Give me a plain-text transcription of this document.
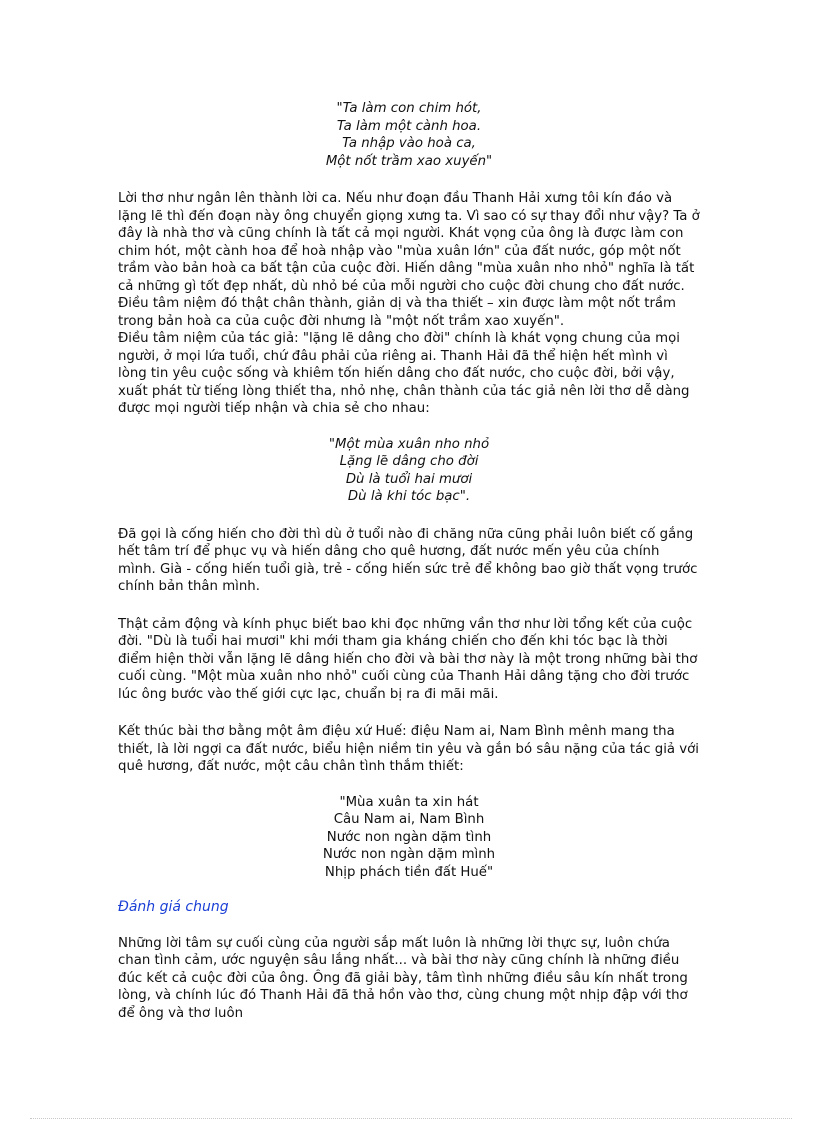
"Ta làm con chim hót,
Ta làm một cành hoa.
Ta nhập vào hoà ca,
Một nốt trầm xao xuyến"

Lời thơ như ngân lên thành lời ca. Nếu như đoạn đầu Thanh Hải xưng tôi kín đáo và lặng lẽ thì đến đoạn này ông chuyển giọng xưng ta. Vì sao có sự thay đổi như vậy? Ta ở đây là nhà thơ và cũng chính là tất cả mọi người. Khát vọng của ông là được làm con chim hót, một cành hoa để hoà nhập vào "mùa xuân lớn" của đất nước, góp một nốt trầm vào bản hoà ca bất tận của cuộc đời. Hiến dâng "mùa xuân nho nhỏ" nghĩa là tất cả những gì tốt đẹp nhất, dù nhỏ bé của mỗi người cho cuộc đời chung cho đất nước. Điều tâm niệm đó thật chân thành, giản dị và tha thiết – xin được làm một nốt trầm trong bản hoà ca của cuộc đời nhưng là "một nốt trầm xao xuyến".

Điều tâm niệm của tác giả: "lặng lẽ dâng cho đời" chính là khát vọng chung của mọi người, ở mọi lứa tuổi, chứ đâu phải của riêng ai. Thanh Hải đã thể hiện hết mình vì lòng tin yêu cuộc sống và khiêm tốn hiến dâng cho đất nước, cho cuộc đời, bởi vậy, xuất phát từ tiếng lòng thiết tha, nhỏ nhẹ, chân thành của tác giả nên lời thơ dễ dàng được mọi người tiếp nhận và chia sẻ cho nhau:

"Một mùa xuân nho nhỏ
Lặng lẽ dâng cho đời
Dù là tuổi hai mươi
Dù là khi tóc bạc".

Đã gọi là cống hiến cho đời thì dù ở tuổi nào đi chăng nữa cũng phải luôn biết cố gắng hết tâm trí để phục vụ và hiến dâng cho quê hương, đất nước mến yêu của chính mình. Già - cống hiến tuổi già, trẻ - cống hiến sức trẻ để không bao giờ thất vọng trước chính bản thân mình.

Thật cảm động và kính phục biết bao khi đọc những vần thơ như lời tổng kết của cuộc đời. "Dù là tuổi hai mươi" khi mới tham gia kháng chiến cho đến khi tóc bạc là thời điểm hiện thời vẫn lặng lẽ dâng hiến cho đời và bài thơ này là một trong những bài thơ cuối cùng. "Một mùa xuân nho nhỏ" cuối cùng của Thanh Hải dâng tặng cho đời trước lúc ông bước vào thế giới cực lạc, chuẩn bị ra đi mãi mãi.

Kết thúc bài thơ bằng một âm điệu xứ Huế: điệu Nam ai, Nam Bình mênh mang tha thiết, là lời ngợi ca đất nước, biểu hiện niềm tin yêu và gắn bó sâu nặng của tác giả với quê hương, đất nước, một câu chân tình thắm thiết:

"Mùa xuân ta xin hát
Câu Nam ai, Nam Bình
Nước non ngàn dặm tình
Nước non ngàn dặm mình
Nhịp phách tiền đất Huế"

Đánh giá chung

Những lời tâm sự cuối cùng của người sắp mất luôn là những lời thực sự, luôn chứa chan tình cảm, ước nguyện sâu lắng nhất... và bài thơ này cũng chính là những điều đúc kết cả cuộc đời của ông. Ông đã giải bày, tâm tình những điều sâu kín nhất trong lòng, và chính lúc đó Thanh Hải đã thả hồn vào thơ, cùng chung một nhịp đập với thơ để ông và thơ luôn
